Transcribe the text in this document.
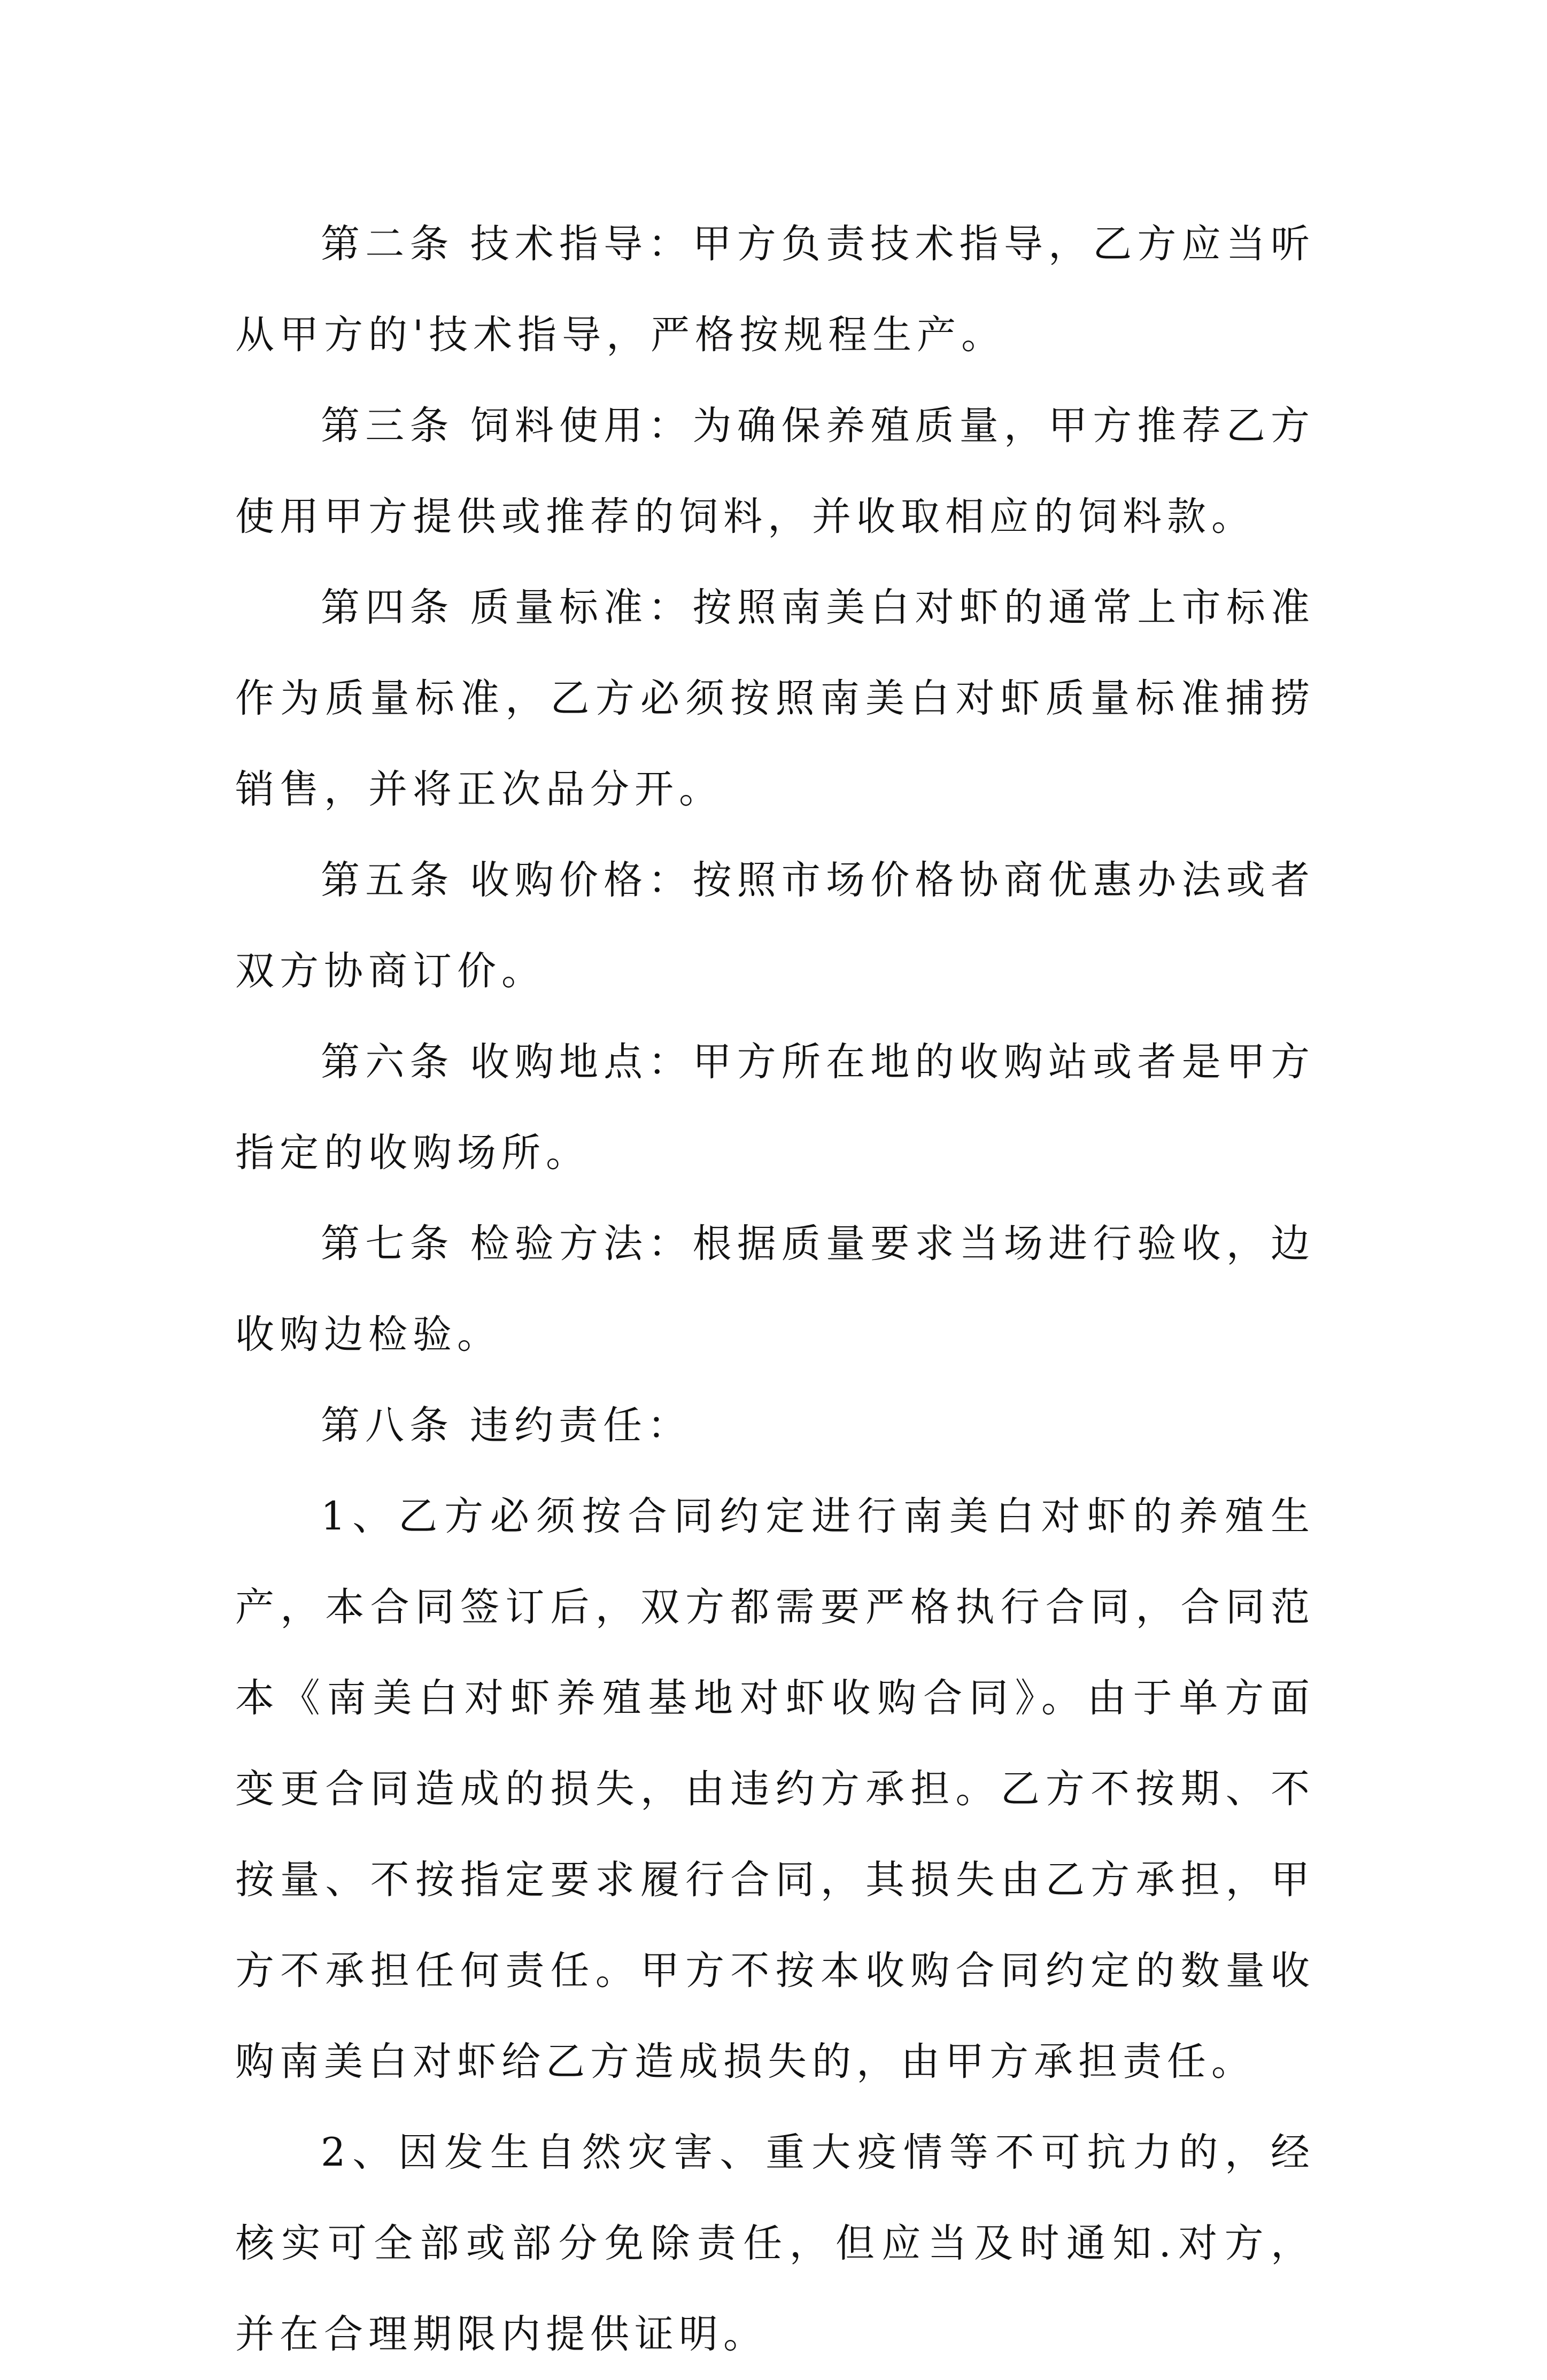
第二条 技术指导：甲方负责技术指导，乙方应当听从甲方的'技术指导，严格按规程生产。

第三条 饲料使用：为确保养殖质量，甲方推荐乙方使用甲方提供或推荐的饲料，并收取相应的饲料款。

第四条 质量标准：按照南美白对虾的通常上市标准作为质量标准，乙方必须按照南美白对虾质量标准捕捞销售，并将正次品分开。

第五条 收购价格：按照市场价格协商优惠办法或者双方协商订价。

第六条 收购地点：甲方所在地的收购站或者是甲方指定的收购场所。

第七条 检验方法：根据质量要求当场进行验收，边收购边检验。

第八条 违约责任：

1、乙方必须按合同约定进行南美白对虾的养殖生产，本合同签订后，双方都需要严格执行合同，合同范本《南美白对虾养殖基地对虾收购合同》。由于单方面变更合同造成的损失，由违约方承担。乙方不按期、不按量、不按指定要求履行合同，其损失由乙方承担，甲方不承担任何责任。甲方不按本收购合同约定的数量收购南美白对虾给乙方造成损失的，由甲方承担责任。

2、因发生自然灾害、重大疫情等不可抗力的，经核实可全部或部分免除责任，但应当及时通知.对方，并在合理期限内提供证明。
